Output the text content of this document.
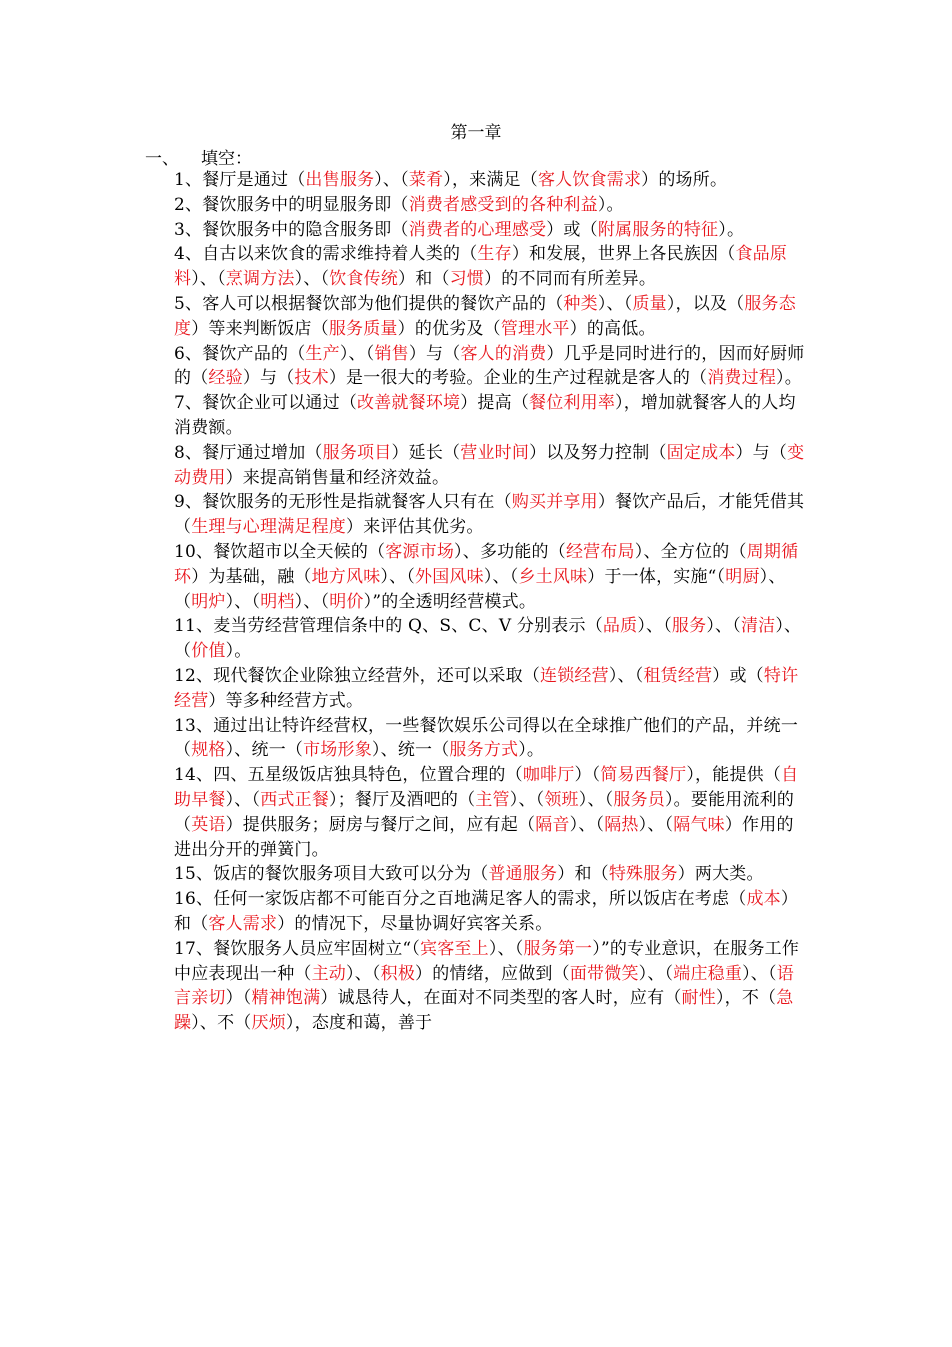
第一章
一、 填空：

1、餐厅是通过（出售服务）、（菜肴），来满足（客人饮食需求）的场所。

2、餐饮服务中的明显服务即（消费者感受到的各种利益）。

3、餐饮服务中的隐含服务即（消费者的心理感受）或（附属服务的特征）。

4、自古以来饮食的需求维持着人类的（生存）和发展，世界上各民族因（食品原料）、（烹调方法）、（饮食传统）和（习惯）的不同而有所差异。

5、客人可以根据餐饮部为他们提供的餐饮产品的（种类）、（质量），以及（服务态度）等来判断饭店（服务质量）的优劣及（管理水平）的高低。

6、餐饮产品的（生产）、（销售）与（客人的消费）几乎是同时进行的，因而好厨师的（经验）与（技术）是一很大的考验。企业的生产过程就是客人的（消费过程）。

7、餐饮企业可以通过（改善就餐环境）提高（餐位利用率），增加就餐客人的人均消费额。

8、餐厅通过增加（服务项目）延长（营业时间）以及努力控制（固定成本）与（变动费用）来提高销售量和经济效益。

9、餐饮服务的无形性是指就餐客人只有在（购买并享用）餐饮产品后，才能凭借其（生理与心理满足程度）来评估其优劣。

10、餐饮超市以全天候的（客源市场）、多功能的（经营布局）、全方位的（周期循环）为基础，融（地方风味）、（外国风味）、（乡土风味）于一体，实施“（明厨）、（明炉）、（明档）、（明价）”的全透明经营模式。

11、麦当劳经营管理信条中的 Q、S、C、V 分别表示（品质）、（服务）、（清洁）、（价值）。

12、现代餐饮企业除独立经营外，还可以采取（连锁经营）、（租赁经营）或（特许经营）等多种经营方式。

13、通过出让特许经营权，一些餐饮娱乐公司得以在全球推广他们的产品，并统一（规格）、统一（市场形象）、统一（服务方式）。

14、四、五星级饭店独具特色，位置合理的（咖啡厅）（简易西餐厅），能提供（自助早餐）、（西式正餐）；餐厅及酒吧的（主管）、（领班）、（服务员）。要能用流利的（英语）提供服务；厨房与餐厅之间，应有起（隔音）、（隔热）、（隔气味）作用的进出分开的弹簧门。

15、饭店的餐饮服务项目大致可以分为（普通服务）和（特殊服务）两大类。

16、任何一家饭店都不可能百分之百地满足客人的需求，所以饭店在考虑（成本）和（客人需求）的情况下，尽量协调好宾客关系。

17、餐饮服务人员应牢固树立“（宾客至上）、（服务第一）”的专业意识，在服务工作中应表现出一种（主动）、（积极）的情绪，应做到（面带微笑）、（端庄稳重）、（语言亲切）（精神饱满）诚恳待人，在面对不同类型的客人时，应有（耐性），不（急躁）、不（厌烦），态度和蔼，善于
